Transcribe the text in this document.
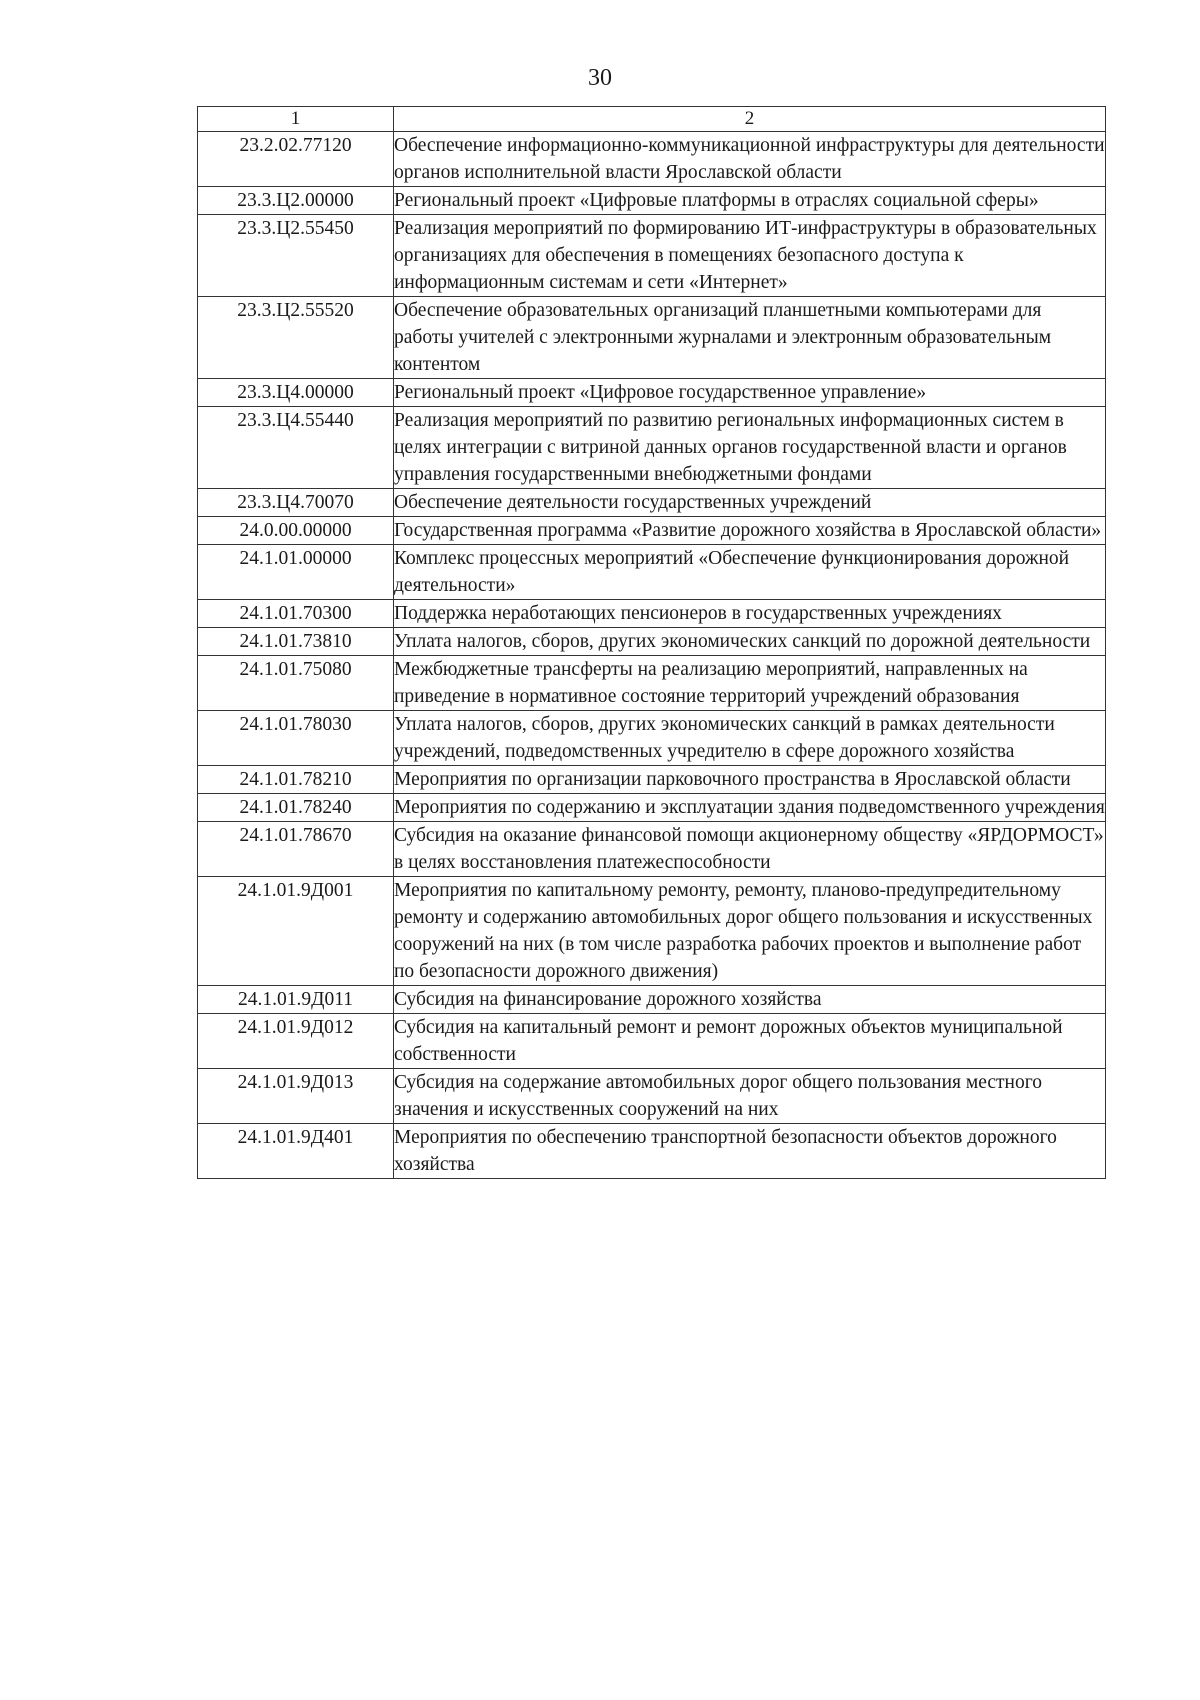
30
1	2
23.2.02.77120	Обеспечение информационно-коммуникационной инфраструктуры для деятельности органов исполнительной власти Ярославской области
23.3.Ц2.00000	Региональный проект «Цифровые платформы в отраслях социальной сферы»
23.3.Ц2.55450	Реализация мероприятий по формированию ИТ-инфраструктуры в образовательных организациях для обеспечения в помещениях безопасного доступа к информационным системам и сети «Интернет»
23.3.Ц2.55520	Обеспечение образовательных организаций планшетными компьютерами для работы учителей с электронными журналами и электронным образовательным контентом
23.3.Ц4.00000	Региональный проект «Цифровое государственное управление»
23.3.Ц4.55440	Реализация мероприятий по развитию региональных информационных систем в целях интеграции с витриной данных органов государственной власти и органов управления государственными внебюджетными фондами
23.3.Ц4.70070	Обеспечение деятельности государственных учреждений
24.0.00.00000	Государственная программа «Развитие дорожного хозяйства в Ярославской области»
24.1.01.00000	Комплекс процессных мероприятий «Обеспечение функционирования дорожной деятельности»
24.1.01.70300	Поддержка неработающих пенсионеров в государственных учреждениях
24.1.01.73810	Уплата налогов, сборов, других экономических санкций по дорожной деятельности
24.1.01.75080	Межбюджетные трансферты на реализацию мероприятий, направленных на приведение в нормативное состояние территорий учреждений образования
24.1.01.78030	Уплата налогов, сборов, других экономических санкций в рамках деятельности учреждений, подведомственных учредителю в сфере дорожного хозяйства
24.1.01.78210	Мероприятия по организации парковочного пространства в Ярославской области
24.1.01.78240	Мероприятия по содержанию и эксплуатации здания подведомственного учреждения
24.1.01.78670	Субсидия на оказание финансовой помощи акционерному обществу «ЯРДОРМОСТ» в целях восстановления платежеспособности
24.1.01.9Д001	Мероприятия по капитальному ремонту, ремонту, планово-предупредительному ремонту и содержанию автомобильных дорог общего пользования и искусственных сооружений на них (в том числе разработка рабочих проектов и выполнение работ по безопасности дорожного движения)
24.1.01.9Д011	Субсидия на финансирование дорожного хозяйства
24.1.01.9Д012	Субсидия на капитальный ремонт и ремонт дорожных объектов муниципальной собственности
24.1.01.9Д013	Субсидия на содержание автомобильных дорог общего пользования местного значения и искусственных сооружений на них
24.1.01.9Д401	Мероприятия по обеспечению транспортной безопасности объектов дорожного хозяйства
